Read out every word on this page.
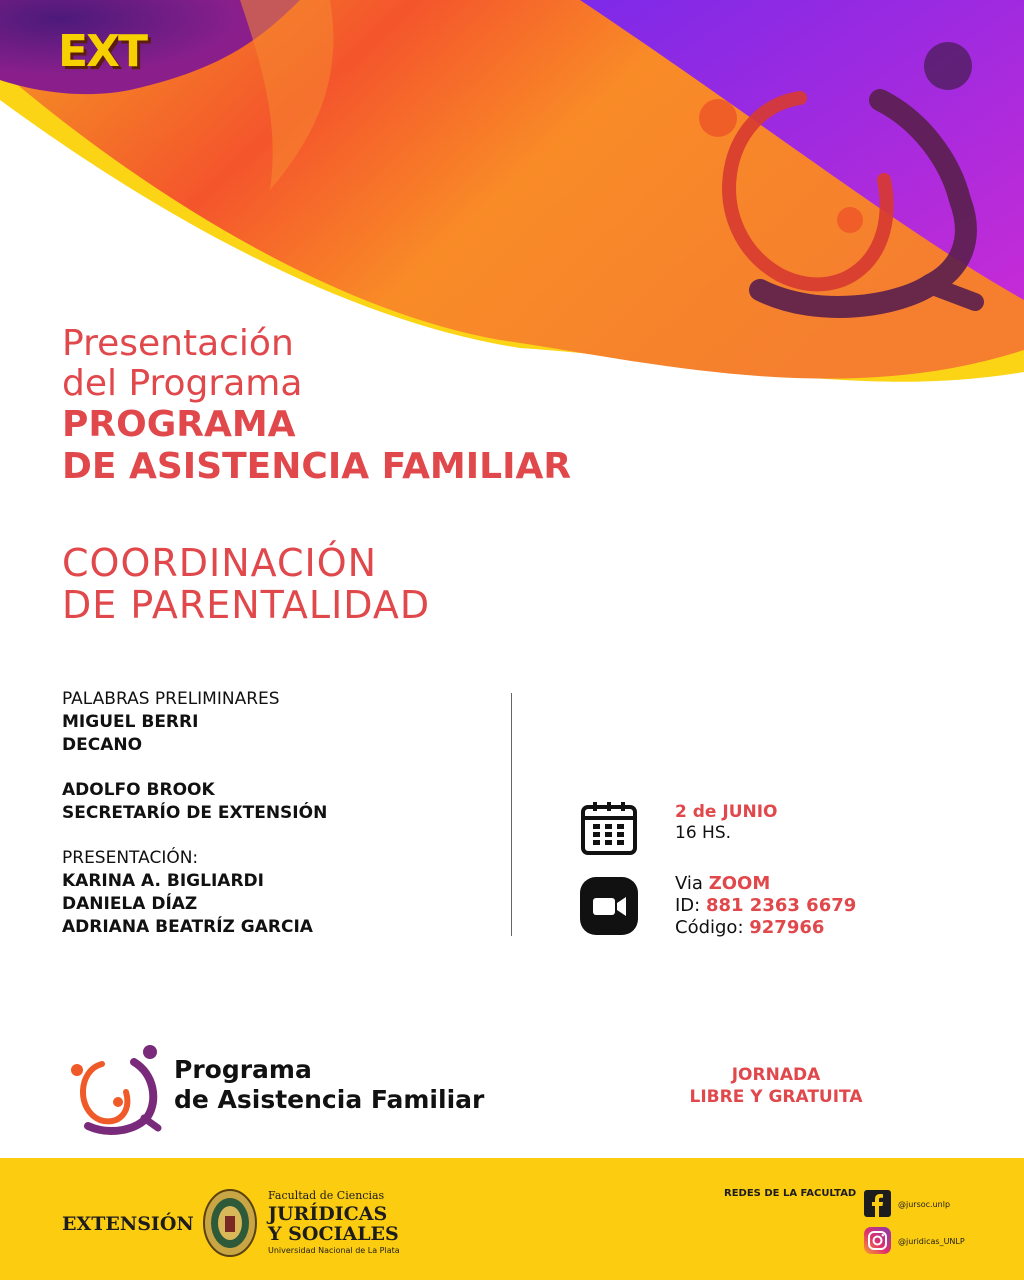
EXT
Presentación
del Programa
PROGRAMA
DE ASISTENCIA FAMILIAR
COORDINACIÓN
DE PARENTALIDAD
PALABRAS PRELIMINARES
MIGUEL BERRI
DECANO
ADOLFO BROOK
SECRETARÍO DE EXTENSIÓN
PRESENTACIÓN:
KARINA A. BIGLIARDI
DANIELA DÍAZ
ADRIANA BEATRÍZ GARCIA
2 de JUNIO
16 HS.
Via ZOOM
ID: 881 2363 6679
Código: 927966
Programa
de Asistencia Familiar
JORNADA
LIBRE Y GRATUITA
EXTENSIÓN
Facultad de Ciencias
JURÍDICAS
Y SOCIALES
Universidad Nacional de La Plata
REDES DE LA FACULTAD
@jursoc.unlp
@juridicas_UNLP
